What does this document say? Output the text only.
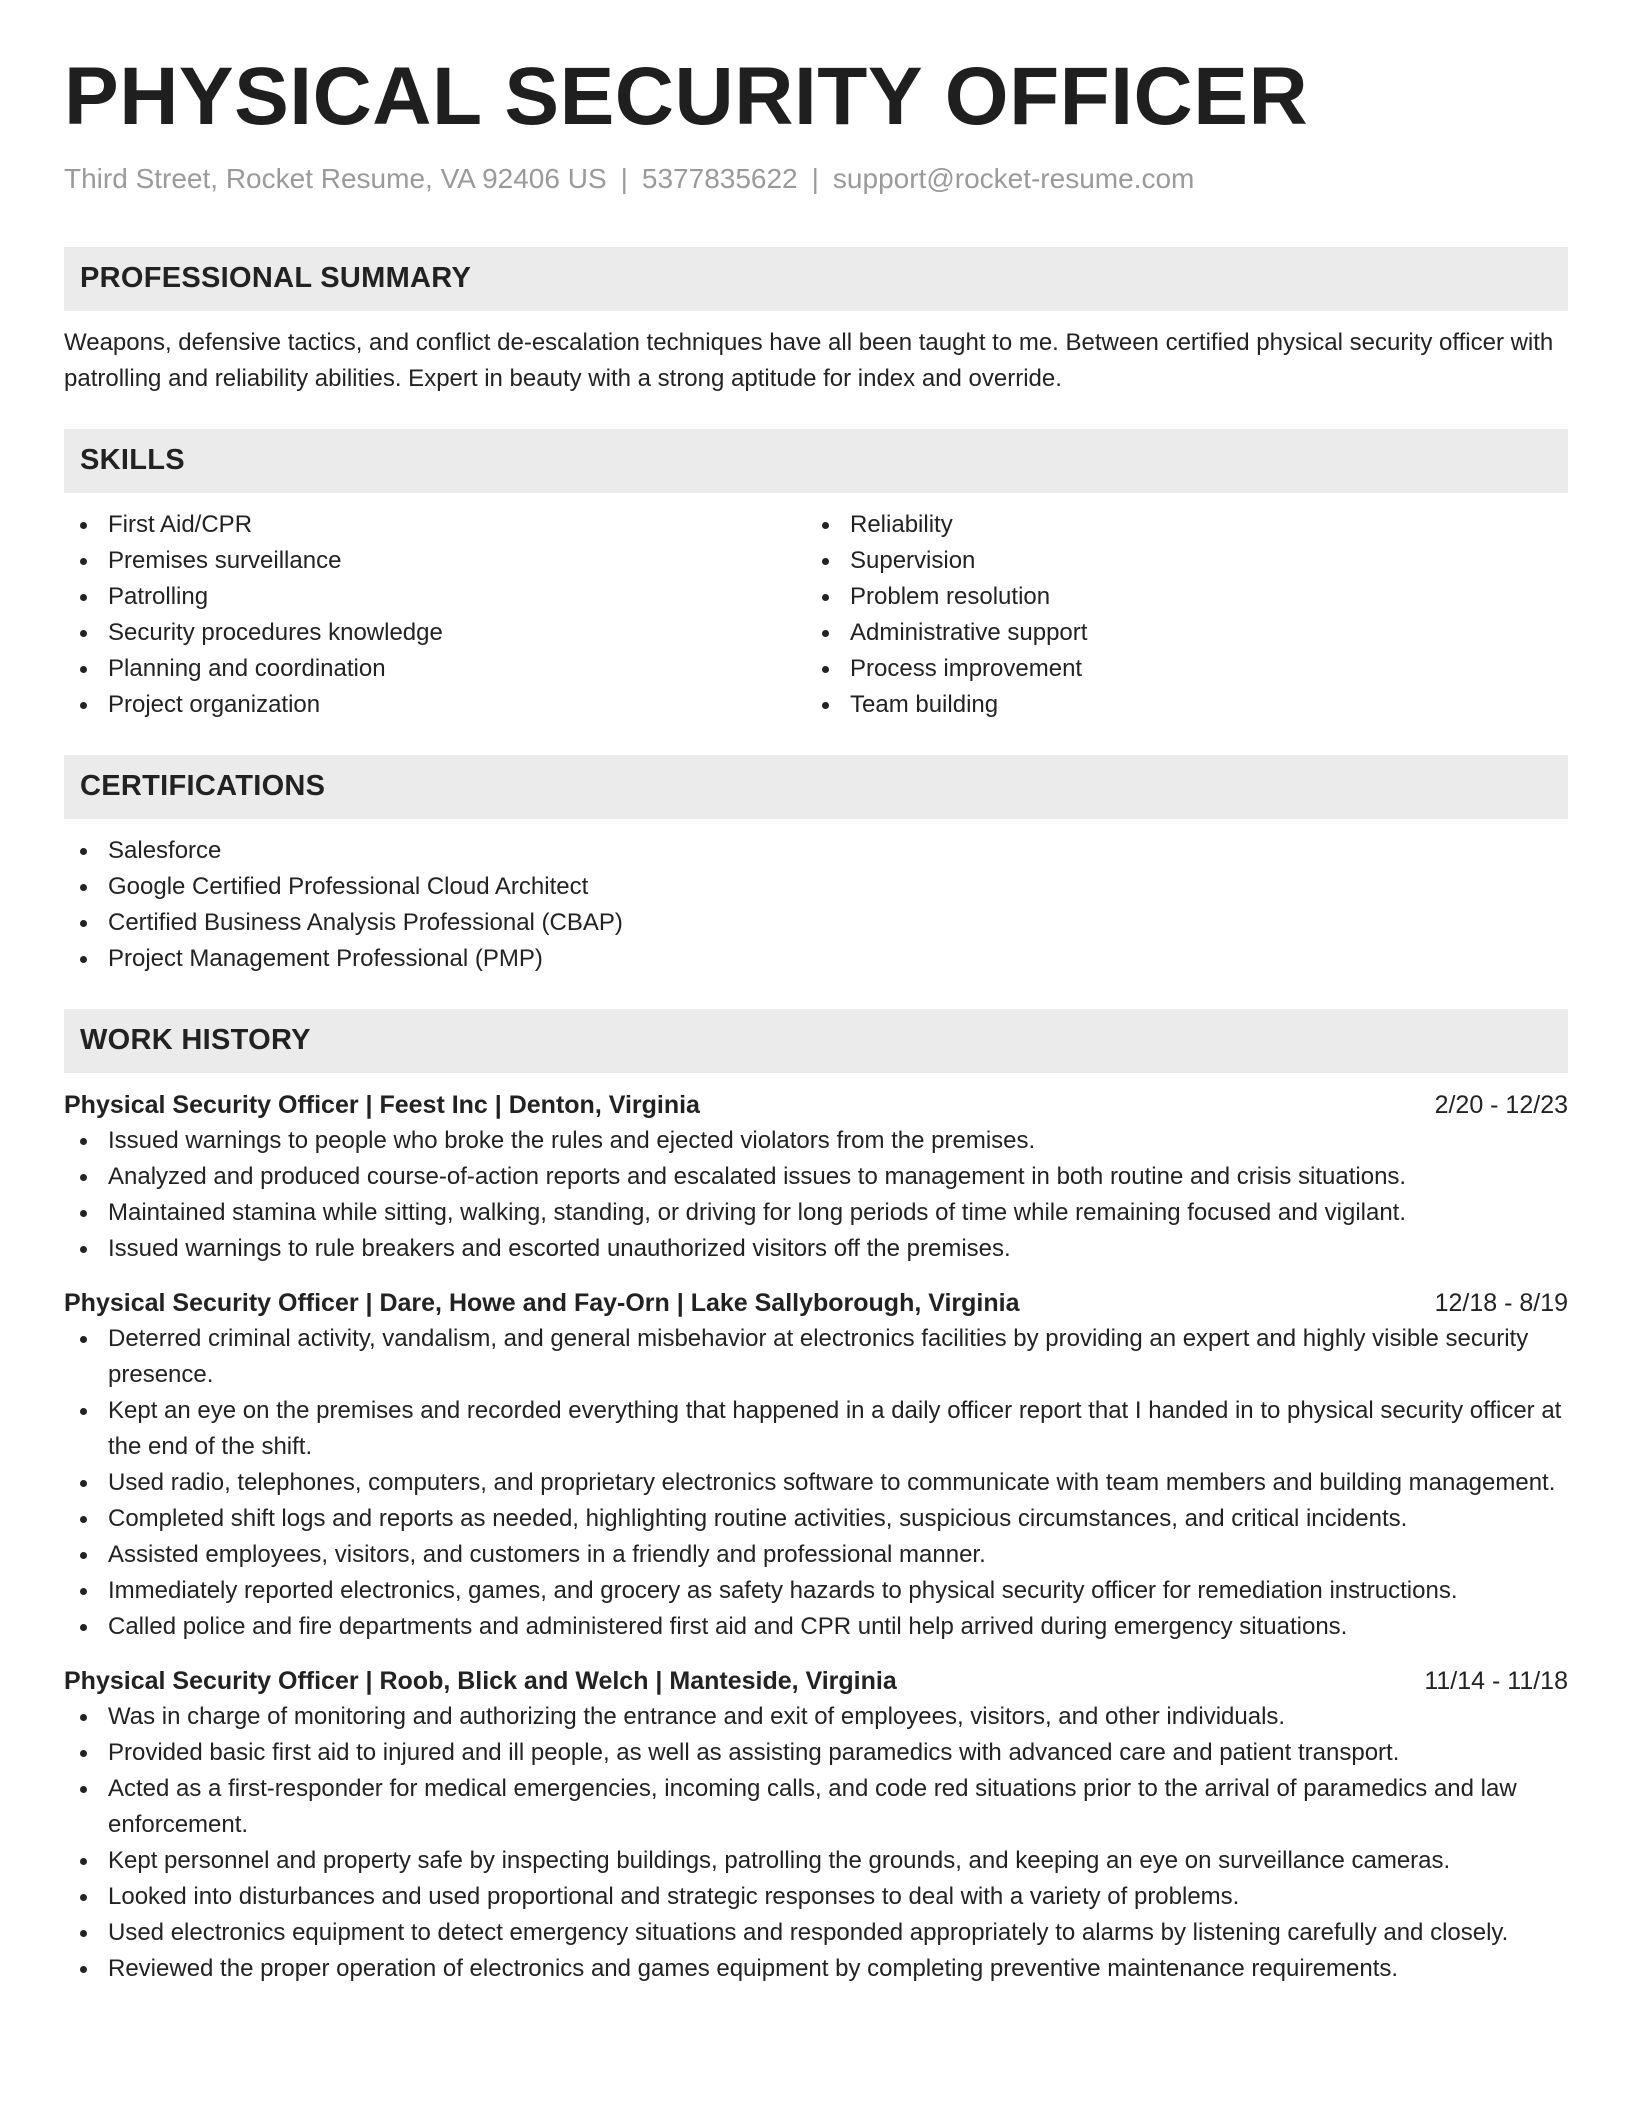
PHYSICAL SECURITY OFFICER
Third Street, Rocket Resume, VA 92406 US | 5377835622 | support@rocket-resume.com
PROFESSIONAL SUMMARY
Weapons, defensive tactics, and conflict de-escalation techniques have all been taught to me. Between certified physical security officer with patrolling and reliability abilities. Expert in beauty with a strong aptitude for index and override.
SKILLS
First Aid/CPR
Premises surveillance
Patrolling
Security procedures knowledge
Planning and coordination
Project organization
Reliability
Supervision
Problem resolution
Administrative support
Process improvement
Team building
CERTIFICATIONS
Salesforce
Google Certified Professional Cloud Architect
Certified Business Analysis Professional (CBAP)
Project Management Professional (PMP)
WORK HISTORY
Physical Security Officer | Feest Inc | Denton, Virginia	2/20 - 12/23
Issued warnings to people who broke the rules and ejected violators from the premises.
Analyzed and produced course-of-action reports and escalated issues to management in both routine and crisis situations.
Maintained stamina while sitting, walking, standing, or driving for long periods of time while remaining focused and vigilant.
Issued warnings to rule breakers and escorted unauthorized visitors off the premises.
Physical Security Officer | Dare, Howe and Fay-Orn | Lake Sallyborough, Virginia	12/18 - 8/19
Deterred criminal activity, vandalism, and general misbehavior at electronics facilities by providing an expert and highly visible security presence.
Kept an eye on the premises and recorded everything that happened in a daily officer report that I handed in to physical security officer at the end of the shift.
Used radio, telephones, computers, and proprietary electronics software to communicate with team members and building management.
Completed shift logs and reports as needed, highlighting routine activities, suspicious circumstances, and critical incidents.
Assisted employees, visitors, and customers in a friendly and professional manner.
Immediately reported electronics, games, and grocery as safety hazards to physical security officer for remediation instructions.
Called police and fire departments and administered first aid and CPR until help arrived during emergency situations.
Physical Security Officer | Roob, Blick and Welch | Manteside, Virginia	11/14 - 11/18
Was in charge of monitoring and authorizing the entrance and exit of employees, visitors, and other individuals.
Provided basic first aid to injured and ill people, as well as assisting paramedics with advanced care and patient transport.
Acted as a first-responder for medical emergencies, incoming calls, and code red situations prior to the arrival of paramedics and law enforcement.
Kept personnel and property safe by inspecting buildings, patrolling the grounds, and keeping an eye on surveillance cameras.
Looked into disturbances and used proportional and strategic responses to deal with a variety of problems.
Used electronics equipment to detect emergency situations and responded appropriately to alarms by listening carefully and closely.
Reviewed the proper operation of electronics and games equipment by completing preventive maintenance requirements.
